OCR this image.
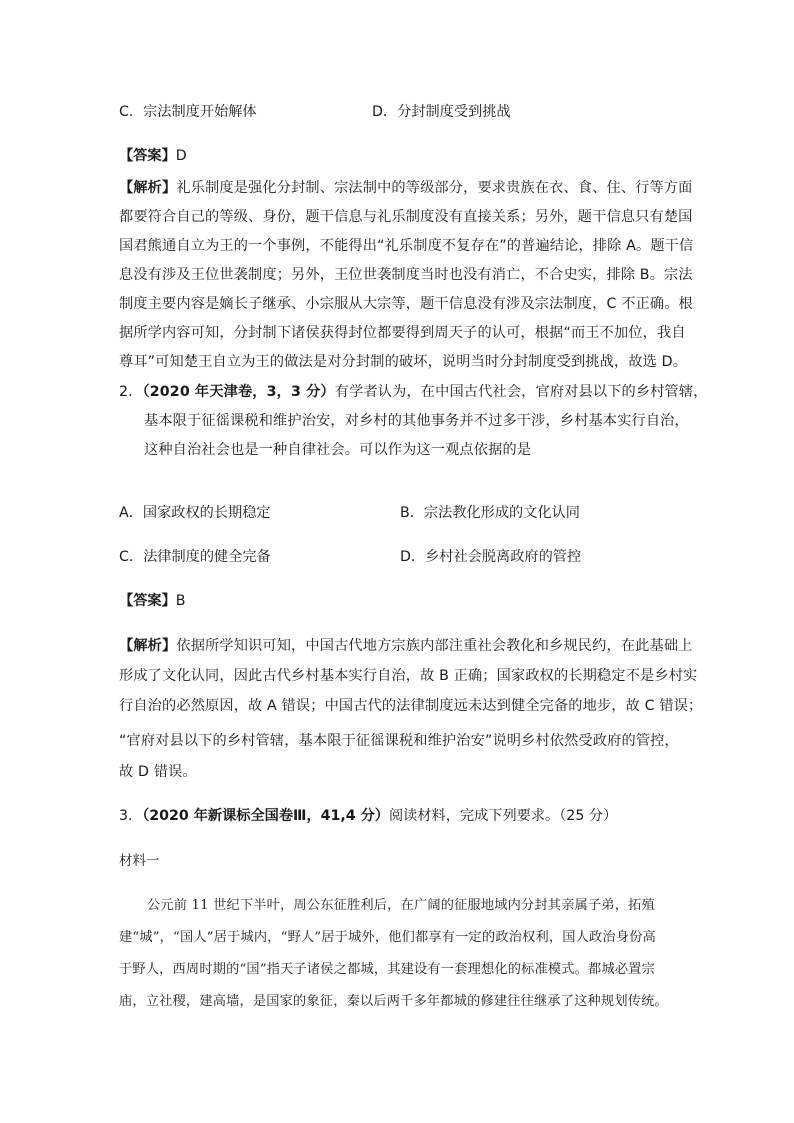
C．宗法制度开始解体	D．分封制度受到挑战
【答案】D
【解析】礼乐制度是强化分封制、宗法制中的等级部分，要求贵族在衣、食、住、行等方面
都要符合自己的等级、身份，题干信息与礼乐制度没有直接关系；另外，题干信息只有楚国
国君熊通自立为王的一个事例，不能得出“礼乐制度不复存在”的普遍结论，排除 A。题干信
息没有涉及王位世袭制度；另外，王位世袭制度当时也没有消亡，不合史实，排除 B。宗法
制度主要内容是嫡长子继承、小宗服从大宗等，题干信息没有涉及宗法制度，C 不正确。根
据所学内容可知，分封制下诸侯获得封位都要得到周天子的认可，根据“而王不加位，我自
尊耳”可知楚王自立为王的做法是对分封制的破坏，说明当时分封制度受到挑战，故选 D。
2．（2020 年天津卷，3，3 分）有学者认为，在中国古代社会，官府对县以下的乡村管辖，
基本限于征徭课税和维护治安，对乡村的其他事务并不过多干涉，乡村基本实行自治，
这种自治社会也是一种自律社会。可以作为这一观点依据的是
A．国家政权的长期稳定	B．宗法教化形成的文化认同
C．法律制度的健全完备	D．乡村社会脱离政府的管控
【答案】B
【解析】依据所学知识可知，中国古代地方宗族内部注重社会教化和乡规民约，在此基础上
形成了文化认同，因此古代乡村基本实行自治，故 B 正确；国家政权的长期稳定不是乡村实
行自治的必然原因，故 A 错误；中国古代的法律制度远未达到健全完备的地步，故 C 错误；
“官府对县以下的乡村管辖，基本限于征徭课税和维护治安”说明乡村依然受政府的管控，
故 D 错误。
3．（2020 年新课标全国卷Ⅲ，41,4 分）阅读材料，完成下列要求。（25 分）
材料一
公元前 11 世纪下半叶，周公东征胜利后，在广阔的征服地域内分封其亲属子弟，拓殖
建“城”，“国人”居于城内，“野人”居于城外，他们都享有一定的政治权利，国人政治身份高
于野人，西周时期的“国”指天子诸侯之都城，其建设有一套理想化的标准模式。都城必置宗
庙，立社稷，建高墙，是国家的象征，秦以后两千多年都城的修建往往继承了这种规划传统。
